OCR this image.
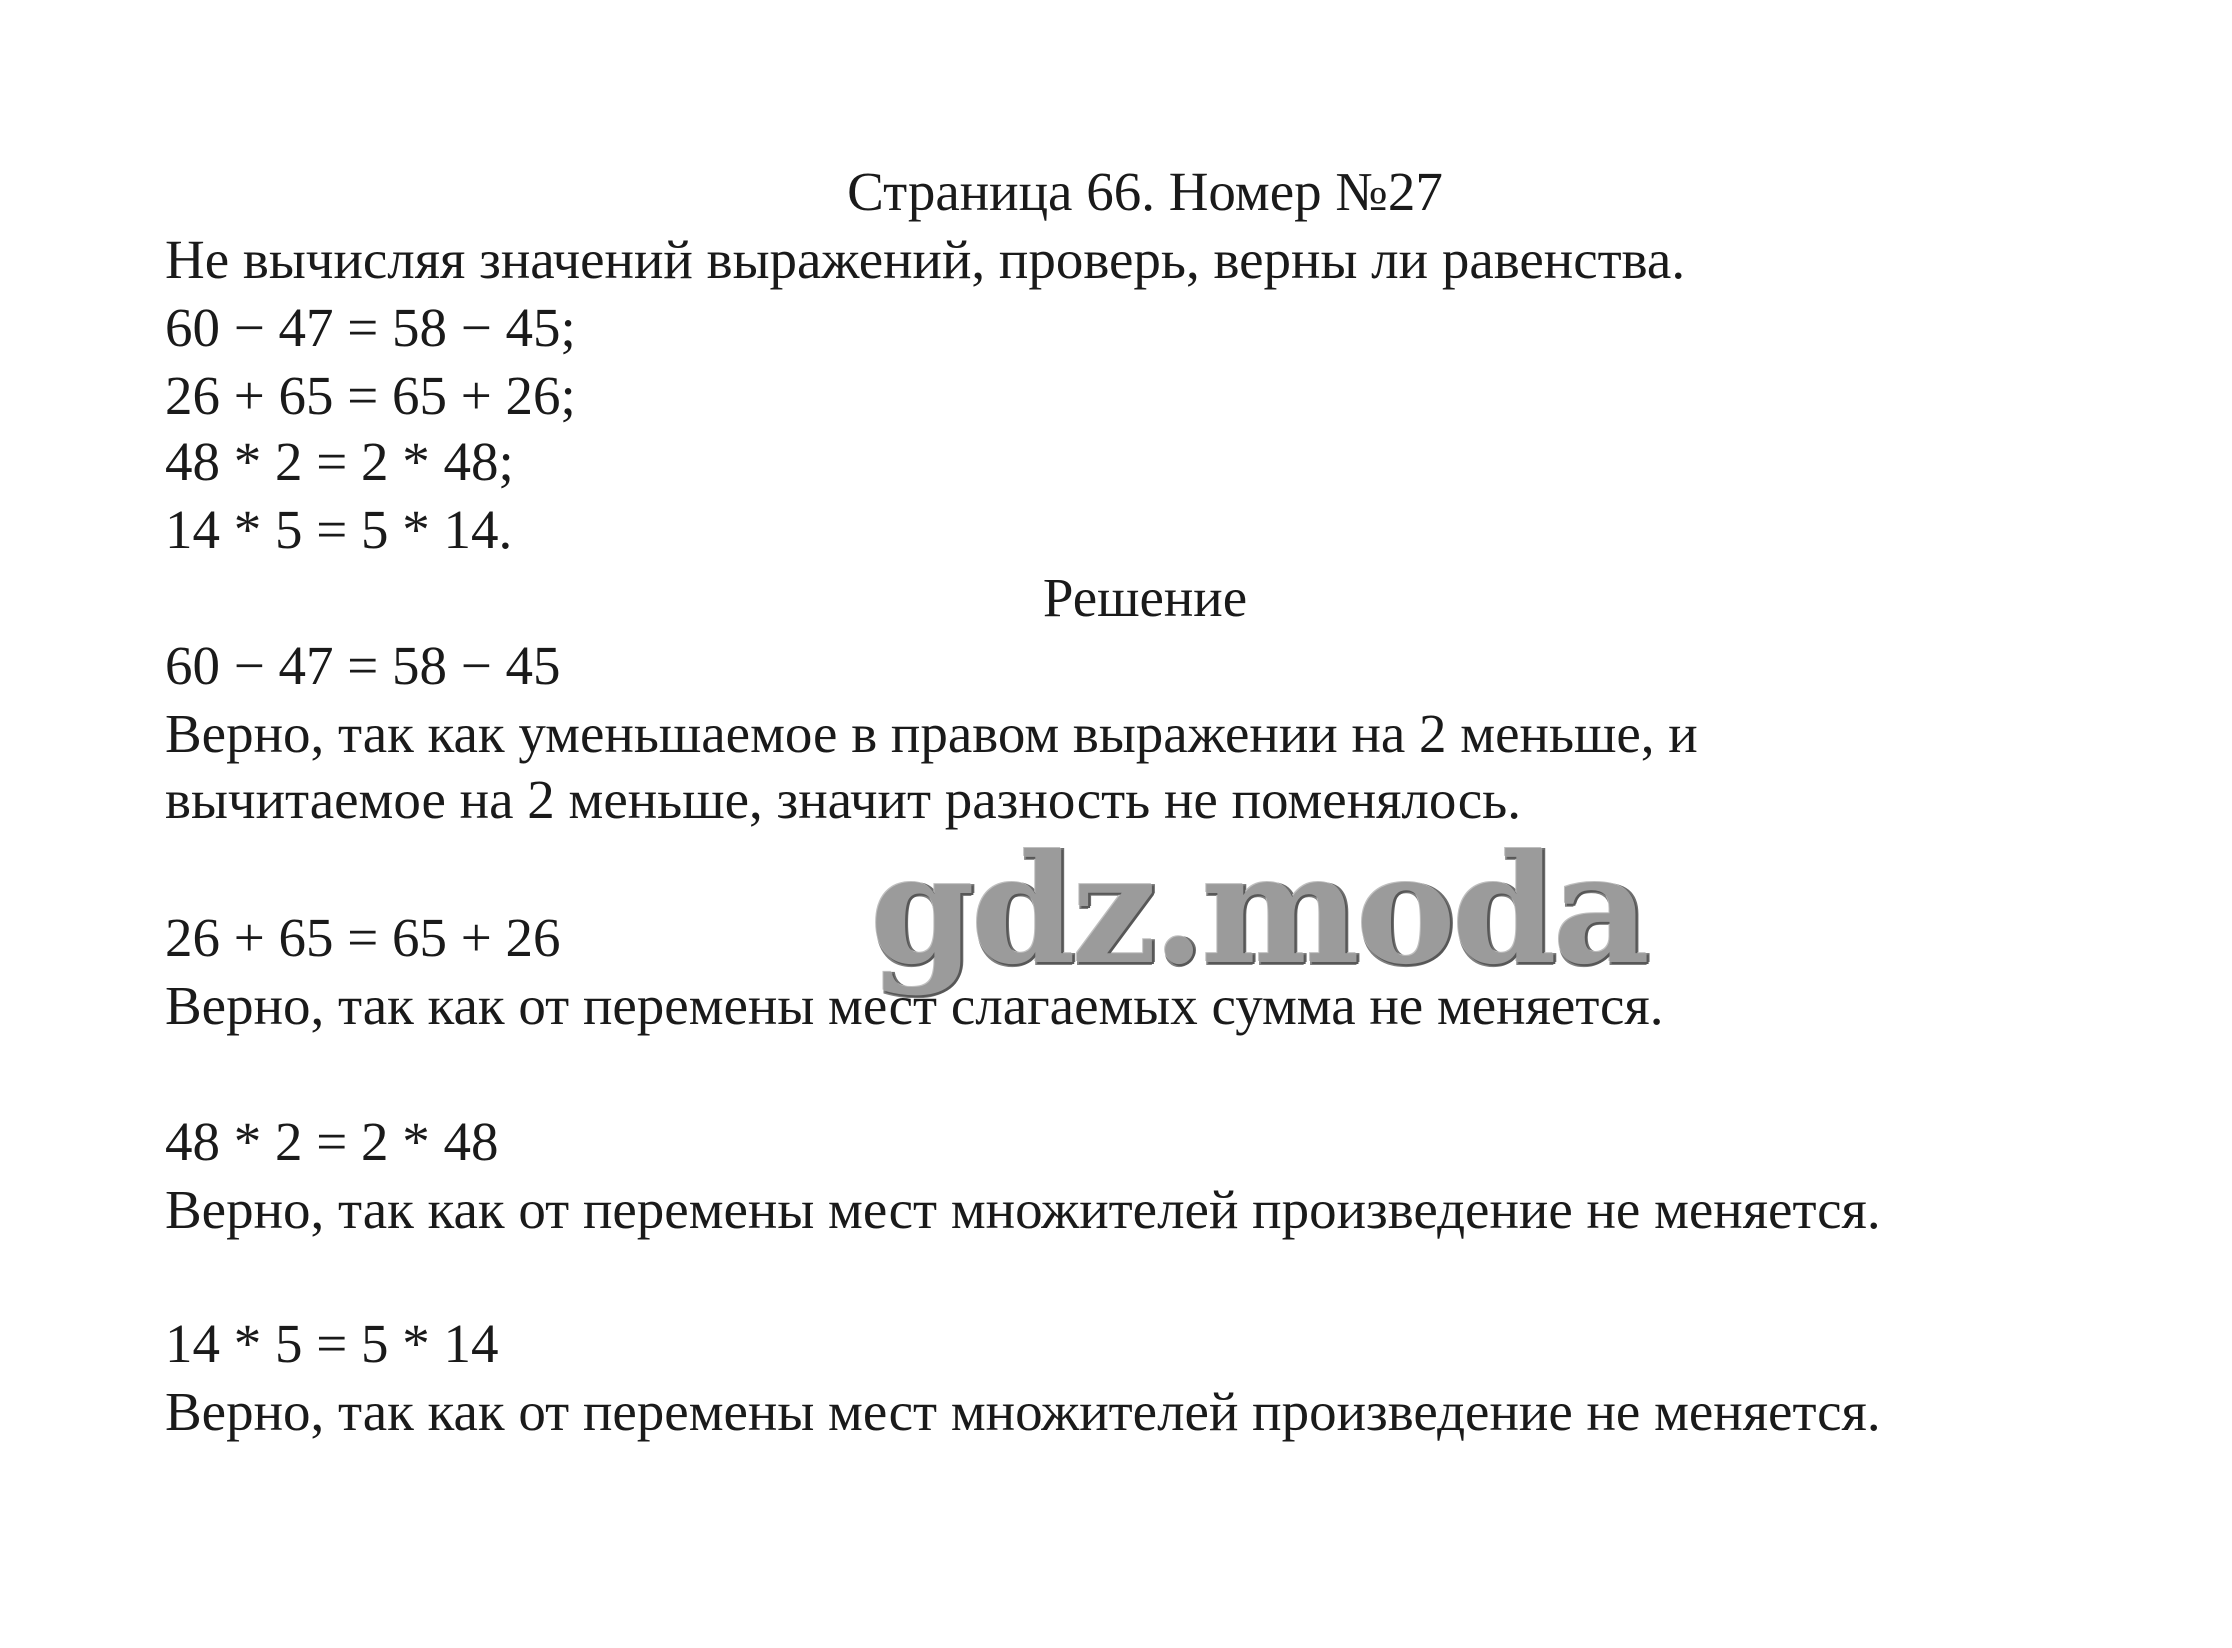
Страница 66. Номер №27

Не вычисляя значений выражений, проверь, верны ли равенства.

60 − 47 = 58 − 45;

26 + 65 = 65 + 26;

48 * 2 = 2 * 48;

14 * 5 = 5 * 14.

Решение

60 − 47 = 58 − 45

Верно, так как уменьшаемое в правом выражении на 2 меньше, и

вычитаемое на 2 меньше, значит разность не поменялось.

26 + 65 = 65 + 26

Верно, так как от перемены мест слагаемых сумма не меняется.

48 * 2 = 2 * 48

Верно, так как от перемены мест множителей произведение не меняется.

14 * 5 = 5 * 14

Верно, так как от перемены мест множителей произведение не меняется.

gdz.moda
